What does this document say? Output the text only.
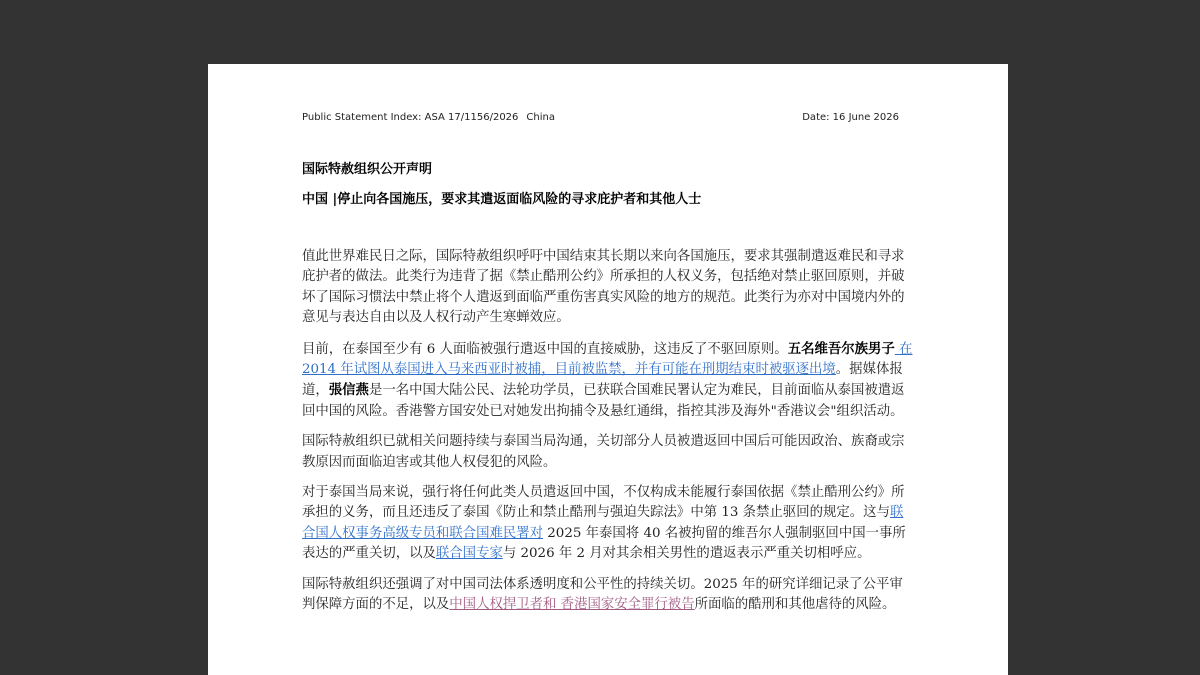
Public Statement Index: ASA 17/1156/2026 China	Date: 16 June 2026
国际特赦组织公开声明
中国 |停止向各国施压，要求其遣返面临风险的寻求庇护者和其他人士

值此世界难民日之际，国际特赦组织呼吁中国结束其长期以来向各国施压，要求其强制遣返难民和寻求庇护者的做法。此类行为违背了据《禁止酷刑公约》所承担的人权义务，包括绝对禁止驱回原则，并破坏了国际习惯法中禁止将个人遣返到面临严重伤害真实风险的地方的规范。此类行为亦对中国境内外的意见与表达自由以及人权行动产生寒蝉效应。

目前，在泰国至少有 6 人面临被强行遣返中国的直接威胁，这违反了不驱回原则。五名维吾尔族男子 在 2014 年试图从泰国进入马来西亚时被捕，目前被监禁，并有可能在刑期结束时被驱逐出境。据媒体报道，張信燕是一名中国大陆公民、法轮功学员，已获联合国难民署认定为难民，目前面临从泰国被遣返回中国的风险。香港警方国安处已对她发出拘捕令及悬红通缉，指控其涉及海外"香港议会"组织活动。

国际特赦组织已就相关问题持续与泰国当局沟通，关切部分人员被遣返回中国后可能因政治、族裔或宗教原因而面临迫害或其他人权侵犯的风险。

对于泰国当局来说，强行将任何此类人员遣返回中国，不仅构成未能履行泰国依据《禁止酷刑公约》所承担的义务，而且还违反了泰国《防止和禁止酷刑与强迫失踪法》中第 13 条禁止驱回的规定。这与联合国人权事务高级专员和联合国难民署对 2025 年泰国将 40 名被拘留的维吾尔人强制驱回中国一事所表达的严重关切，以及联合国专家与 2026 年 2 月对其余相关男性的遣返表示严重关切相呼应。

国际特赦组织还强调了对中国司法体系透明度和公平性的持续关切。2025 年的研究详细记录了公平审判保障方面的不足，以及中国人权捍卫者和 香港国家安全罪行被告所面临的酷刑和其他虐待的风险。
